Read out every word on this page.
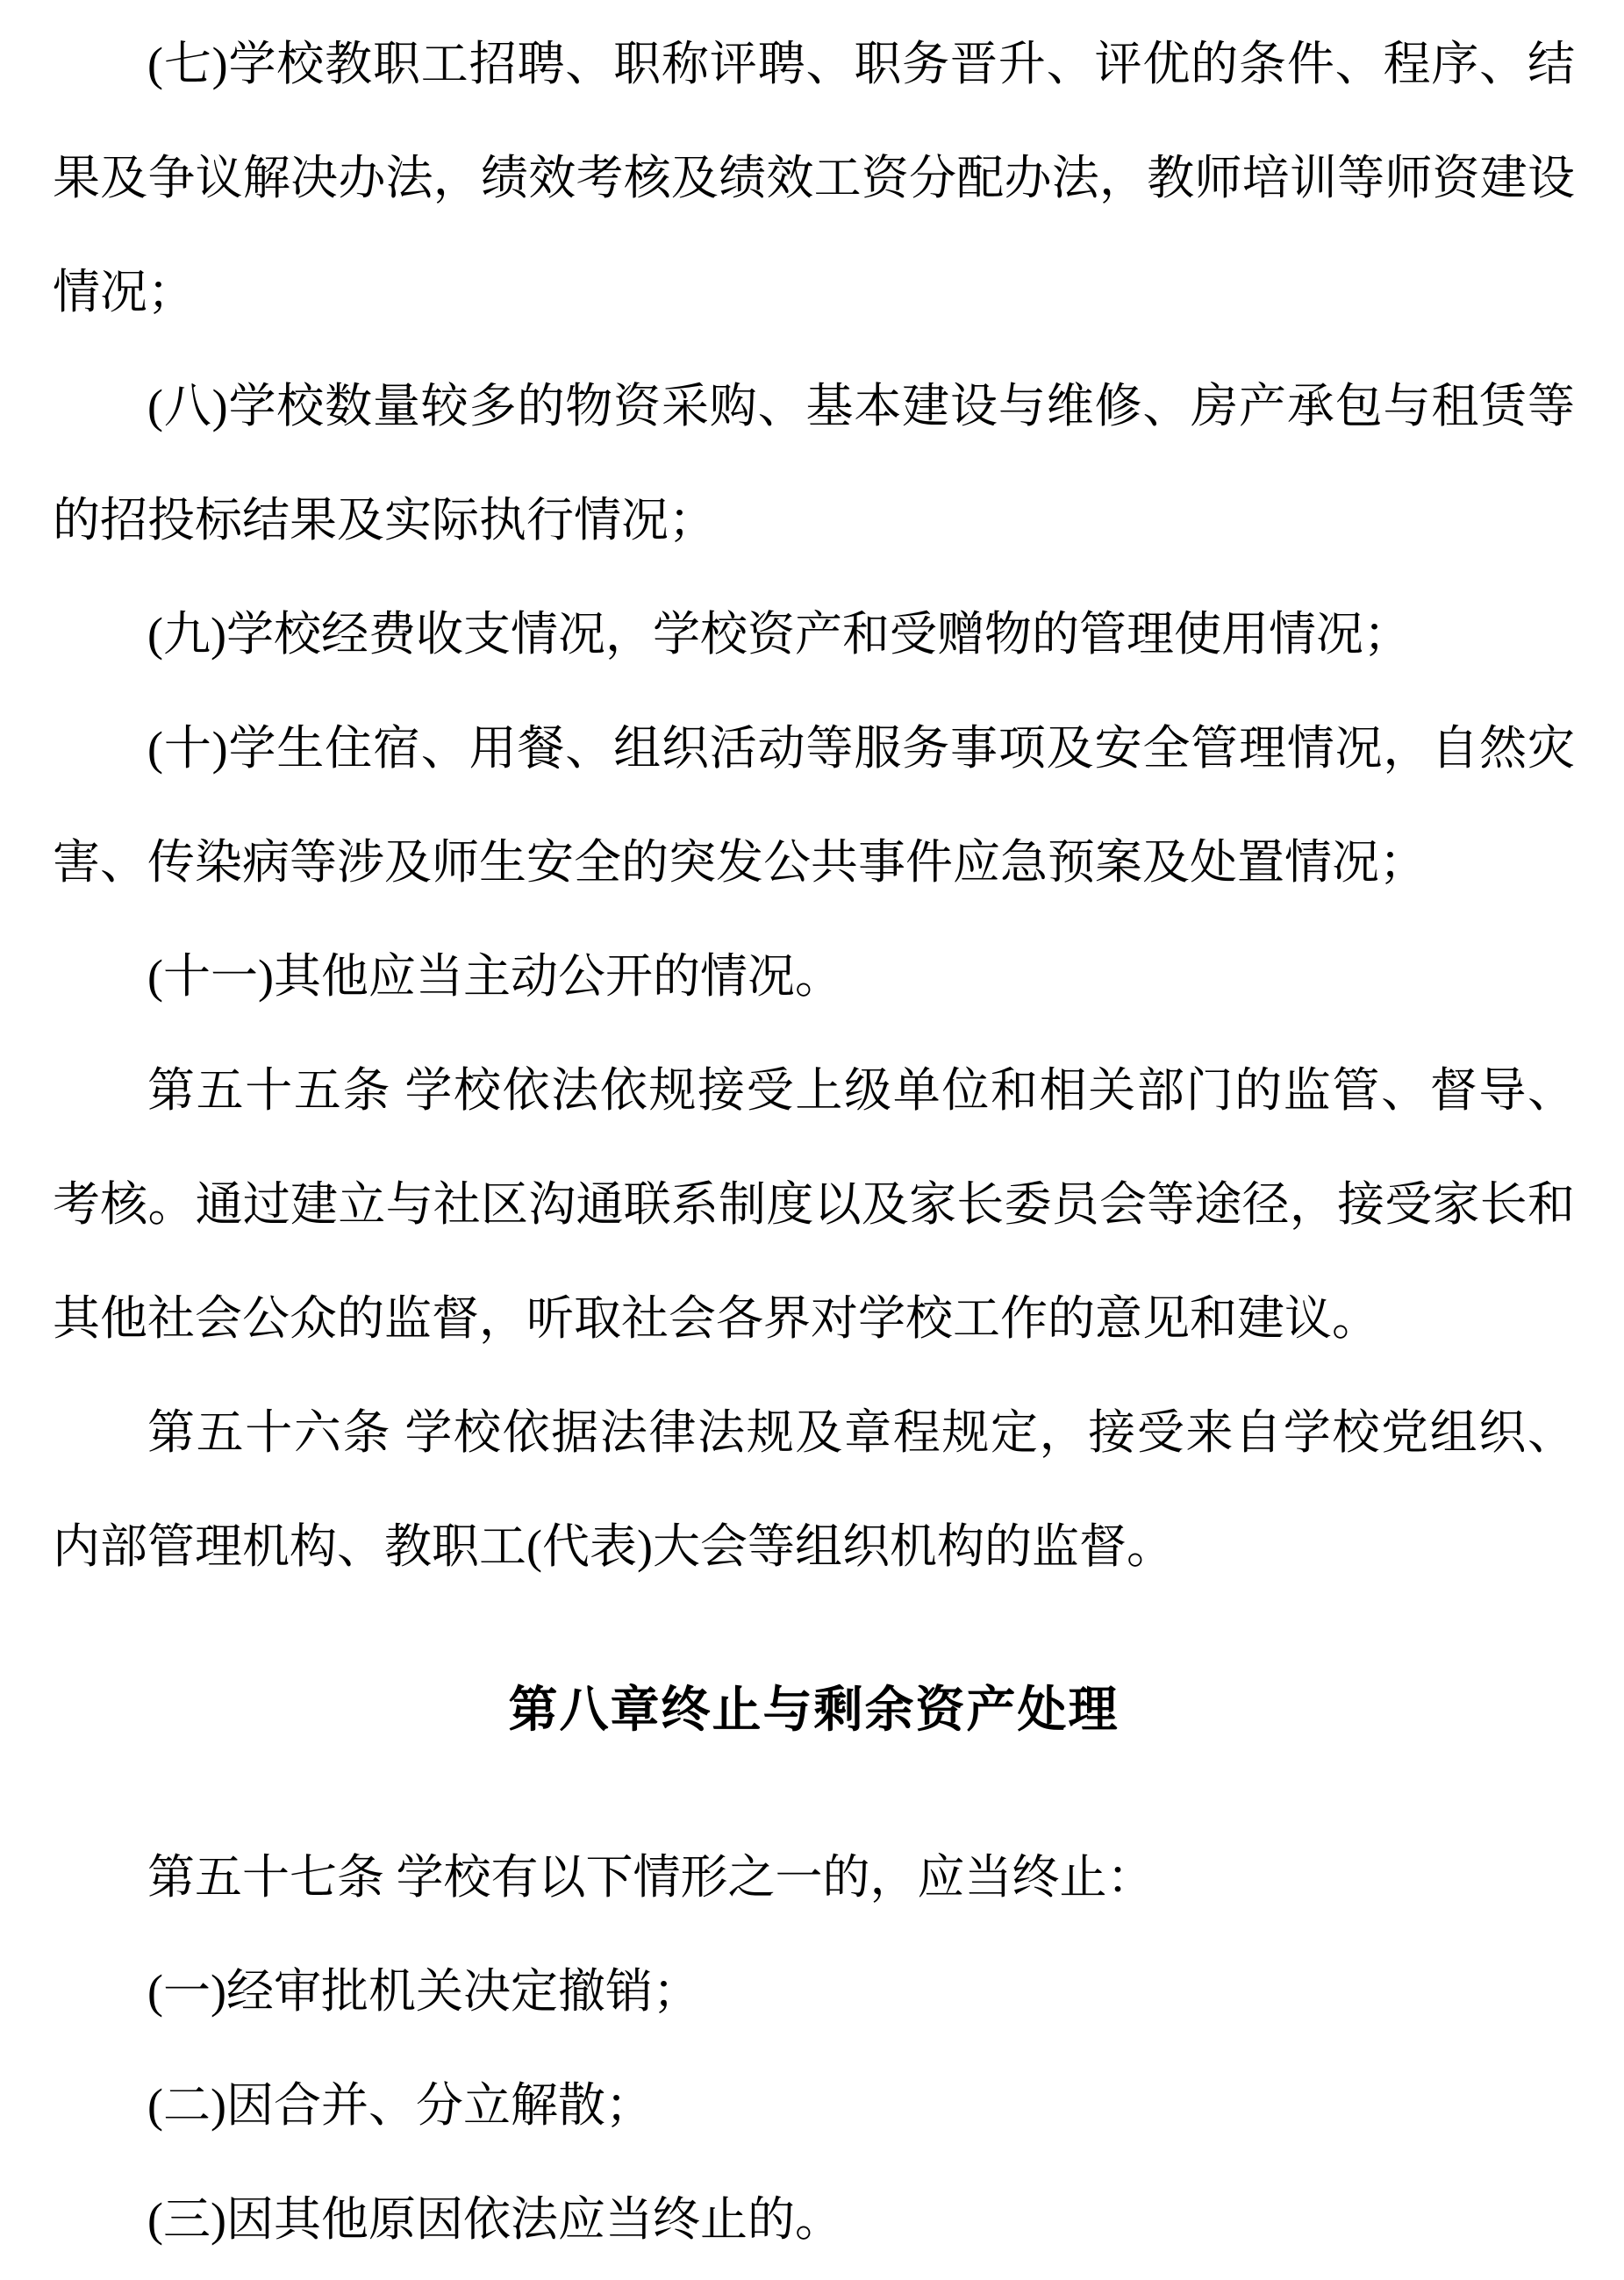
(七)学校教职工招聘、职称评聘、职务晋升、评优的条件、程序、结果及争议解决办法，绩效考核及绩效工资分配办法，教师培训等师资建设情况；

(八)学校数量较多的物资采购、基本建设与维修、房产承包与租赁等的招投标结果及实际执行情况；

(九)学校经费收支情况，学校资产和受赠物的管理使用情况；

(十)学生住宿、用餐、组织活动等服务事项及安全管理情况，自然灾害、传染病等涉及师生安全的突发公共事件应急预案及处置情况；

(十一)其他应当主动公开的情况。

第五十五条 学校依法依规接受上级单位和相关部门的监管、督导、考核。通过建立与社区沟通联系制度以及家长委员会等途径，接受家长和其他社会公众的监督，听取社会各界对学校工作的意见和建议。

第五十六条 学校依据法律法规及章程规定，接受来自学校党组织、内部管理机构、教职工(代表)大会等组织机构的监督。

第八章终止与剩余资产处理

第五十七条 学校有以下情形之一的，应当终止：

(一)经审批机关决定撤销；

(二)因合并、分立解散；

(三)因其他原因依法应当终止的。
